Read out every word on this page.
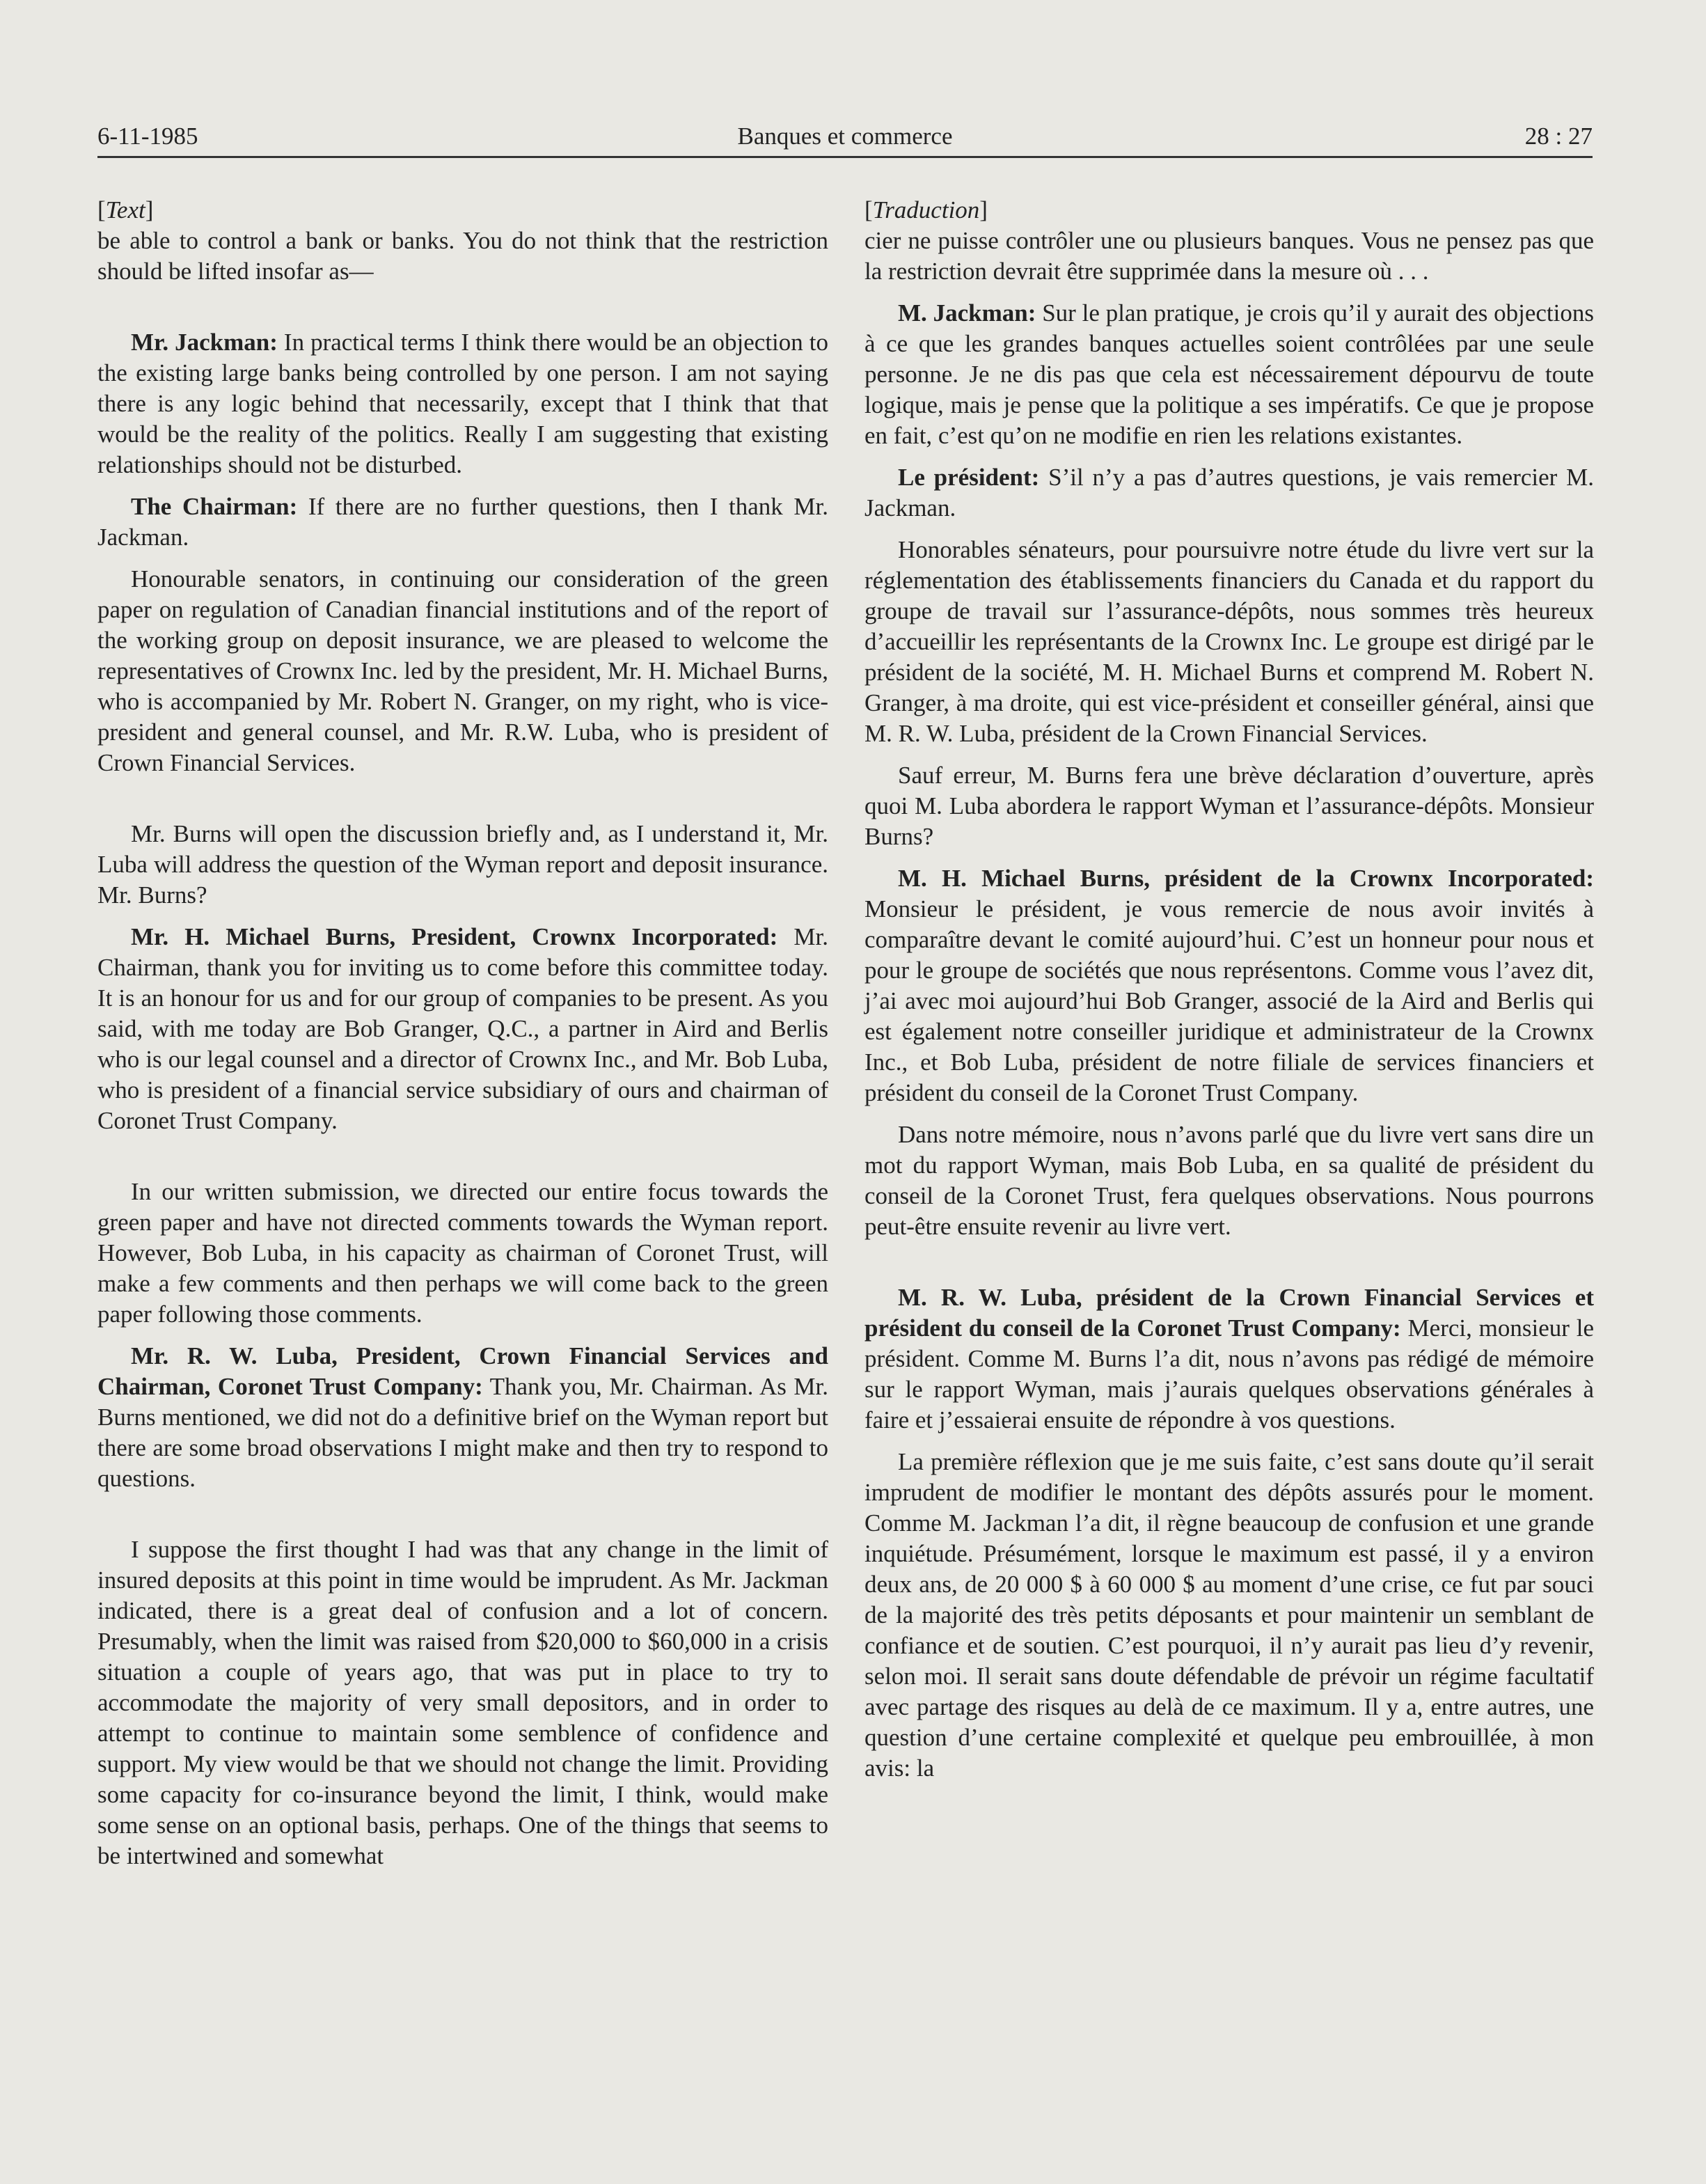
6-11-1985	Banques et commerce	28 : 27

[Text]

be able to control a bank or banks. You do not think that the restriction should be lifted insofar as—

Mr. Jackman: In practical terms I think there would be an objection to the existing large banks being controlled by one person. I am not saying there is any logic behind that necessarily, except that I think that that would be the reality of the politics. Really I am suggesting that existing relationships should not be disturbed.

The Chairman: If there are no further questions, then I thank Mr. Jackman.

Honourable senators, in continuing our consideration of the green paper on regulation of Canadian financial institutions and of the report of the working group on deposit insurance, we are pleased to welcome the representatives of Crownx Inc. led by the president, Mr. H. Michael Burns, who is accompanied by Mr. Robert N. Granger, on my right, who is vice-president and general counsel, and Mr. R.W. Luba, who is president of Crown Financial Services.

Mr. Burns will open the discussion briefly and, as I understand it, Mr. Luba will address the question of the Wyman report and deposit insurance. Mr. Burns?

Mr. H. Michael Burns, President, Crownx Incorporated: Mr. Chairman, thank you for inviting us to come before this committee today. It is an honour for us and for our group of companies to be present. As you said, with me today are Bob Granger, Q.C., a partner in Aird and Berlis who is our legal counsel and a director of Crownx Inc., and Mr. Bob Luba, who is president of a financial service subsidiary of ours and chairman of Coronet Trust Company.

In our written submission, we directed our entire focus towards the green paper and have not directed comments towards the Wyman report. However, Bob Luba, in his capacity as chairman of Coronet Trust, will make a few comments and then perhaps we will come back to the green paper following those comments.

Mr. R. W. Luba, President, Crown Financial Services and Chairman, Coronet Trust Company: Thank you, Mr. Chairman. As Mr. Burns mentioned, we did not do a definitive brief on the Wyman report but there are some broad observations I might make and then try to respond to questions.

I suppose the first thought I had was that any change in the limit of insured deposits at this point in time would be imprudent. As Mr. Jackman indicated, there is a great deal of confusion and a lot of concern. Presumably, when the limit was raised from $20,000 to $60,000 in a crisis situation a couple of years ago, that was put in place to try to accommodate the majority of very small depositors, and in order to attempt to continue to maintain some semblence of confidence and support. My view would be that we should not change the limit. Providing some capacity for co-insurance beyond the limit, I think, would make some sense on an optional basis, perhaps. One of the things that seems to be intertwined and somewhat

[Traduction]

cier ne puisse contrôler une ou plusieurs banques. Vous ne pensez pas que la restriction devrait être supprimée dans la mesure où . . .

M. Jackman: Sur le plan pratique, je crois qu’il y aurait des objections à ce que les grandes banques actuelles soient contrôlées par une seule personne. Je ne dis pas que cela est nécessairement dépourvu de toute logique, mais je pense que la politique a ses impératifs. Ce que je propose en fait, c’est qu’on ne modifie en rien les relations existantes.

Le président: S’il n’y a pas d’autres questions, je vais remercier M. Jackman.

Honorables sénateurs, pour poursuivre notre étude du livre vert sur la réglementation des établissements financiers du Canada et du rapport du groupe de travail sur l’assurance-dépôts, nous sommes très heureux d’accueillir les représentants de la Crownx Inc. Le groupe est dirigé par le président de la société, M. H. Michael Burns et comprend M. Robert N. Granger, à ma droite, qui est vice-président et conseiller général, ainsi que M. R. W. Luba, président de la Crown Financial Services.

Sauf erreur, M. Burns fera une brève déclaration d’ouverture, après quoi M. Luba abordera le rapport Wyman et l’assurance-dépôts. Monsieur Burns?

M. H. Michael Burns, président de la Crownx Incorporated: Monsieur le président, je vous remercie de nous avoir invités à comparaître devant le comité aujourd’hui. C’est un honneur pour nous et pour le groupe de sociétés que nous représentons. Comme vous l’avez dit, j’ai avec moi aujourd’hui Bob Granger, associé de la Aird and Berlis qui est également notre conseiller juridique et administrateur de la Crownx Inc., et Bob Luba, président de notre filiale de services financiers et président du conseil de la Coronet Trust Company.

Dans notre mémoire, nous n’avons parlé que du livre vert sans dire un mot du rapport Wyman, mais Bob Luba, en sa qualité de président du conseil de la Coronet Trust, fera quelques observations. Nous pourrons peut-être ensuite revenir au livre vert.

M. R. W. Luba, président de la Crown Financial Services et président du conseil de la Coronet Trust Company: Merci, monsieur le président. Comme M. Burns l’a dit, nous n’avons pas rédigé de mémoire sur le rapport Wyman, mais j’aurais quelques observations générales à faire et j’essaierai ensuite de répondre à vos questions.

La première réflexion que je me suis faite, c’est sans doute qu’il serait imprudent de modifier le montant des dépôts assurés pour le moment. Comme M. Jackman l’a dit, il règne beaucoup de confusion et une grande inquiétude. Présumément, lorsque le maximum est passé, il y a environ deux ans, de 20 000 $ à 60 000 $ au moment d’une crise, ce fut par souci de la majorité des très petits déposants et pour maintenir un semblant de confiance et de soutien. C’est pourquoi, il n’y aurait pas lieu d’y revenir, selon moi. Il serait sans doute défendable de prévoir un régime facultatif avec partage des risques au delà de ce maximum. Il y a, entre autres, une question d’une certaine complexité et quelque peu embrouillée, à mon avis: la
